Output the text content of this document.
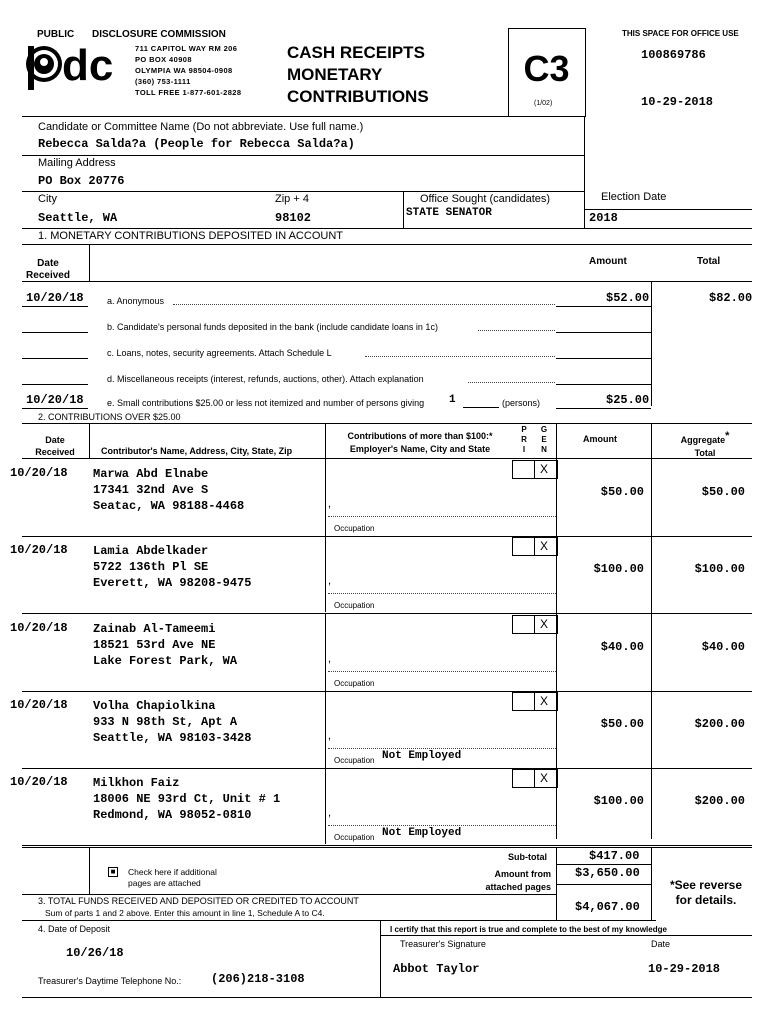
PUBLIC DISCLOSURE COMMISSION
dc	711 CAPITOL WAY RM 206
PO BOX 40908
OLYMPIA WA 98504-0908
(360) 753-1111
TOLL FREE 1-877-601-2828
CASH RECEIPTS
MONETARY
CONTRIBUTIONS
C3
(1/02)
THIS SPACE FOR OFFICE USE
100869786
10-29-2018
Candidate or Committee Name (Do not abbreviate. Use full name.)
Rebecca Salda?a (People for Rebecca Salda?a)
Mailing Address
PO Box 20776
City
Seattle, WA
Zip + 4
98102
Office Sought (candidates)
STATE SENATOR
Election Date
2018
1. MONETARY CONTRIBUTIONS DEPOSITED IN ACCOUNT
Date
Received
Amount	Total
10/20/18	a. Anonymous	$52.00	$82.00
b. Candidate's personal funds deposited in the bank (include candidate loans in 1c)
c. Loans, notes, security agreements. Attach Schedule L
d. Miscellaneous receipts (interest, refunds, auctions, other). Attach explanation
10/20/18	e. Small contributions $25.00 or less not itemized and number of persons giving 1	(persons)	$25.00
2. CONTRIBUTIONS OVER $25.00
Date
Received	Contributor's Name, Address, City, State, Zip
Contributions of more than $100:*
Employer's Name, City and State
P
R
I
G
E
N
Amount	Aggregate*
Total
10/20/18 Marwa Abd Elnabe
17341 32nd Ave S
Seatac, WA 98188-4468
X
,
Occupation
$50.00	$50.00
10/20/18 Lamia Abdelkader
5722 136th Pl SE
Everett, WA 98208-9475
X
,
Occupation
$100.00	$100.00
10/20/18 Zainab Al-Tameemi
18521 53rd Ave NE
Lake Forest Park, WA
X
,
Occupation
$40.00	$40.00
10/20/18 Volha Chapiolkina
933 N 98th St, Apt A
Seattle, WA 98103-3428
X
,
Occupation Not Employed
$50.00	$200.00
10/20/18 Milkhon Faiz
18006 NE 93rd Ct, Unit # 1
Redmond, WA 98052-0810
X
,
Occupation Not Employed
$100.00	$200.00
■	Check here if additional
pages are attached
Sub-total	$417.00
Amount from
attached pages
$3,650.00
*See reverse
for details.
3. TOTAL FUNDS RECEIVED AND DEPOSITED OR CREDITED TO ACCOUNT
Sum of parts 1 and 2 above. Enter this amount in line 1, Schedule A to C4.	$4,067.00
4. Date of Deposit
10/26/18
I certify that this report is true and complete to the best of my knowledge
Treasurer's Signature	Date
Abbot Taylor	10-29-2018
Treasurer's Daytime Telephone No.: (206)218-3108
